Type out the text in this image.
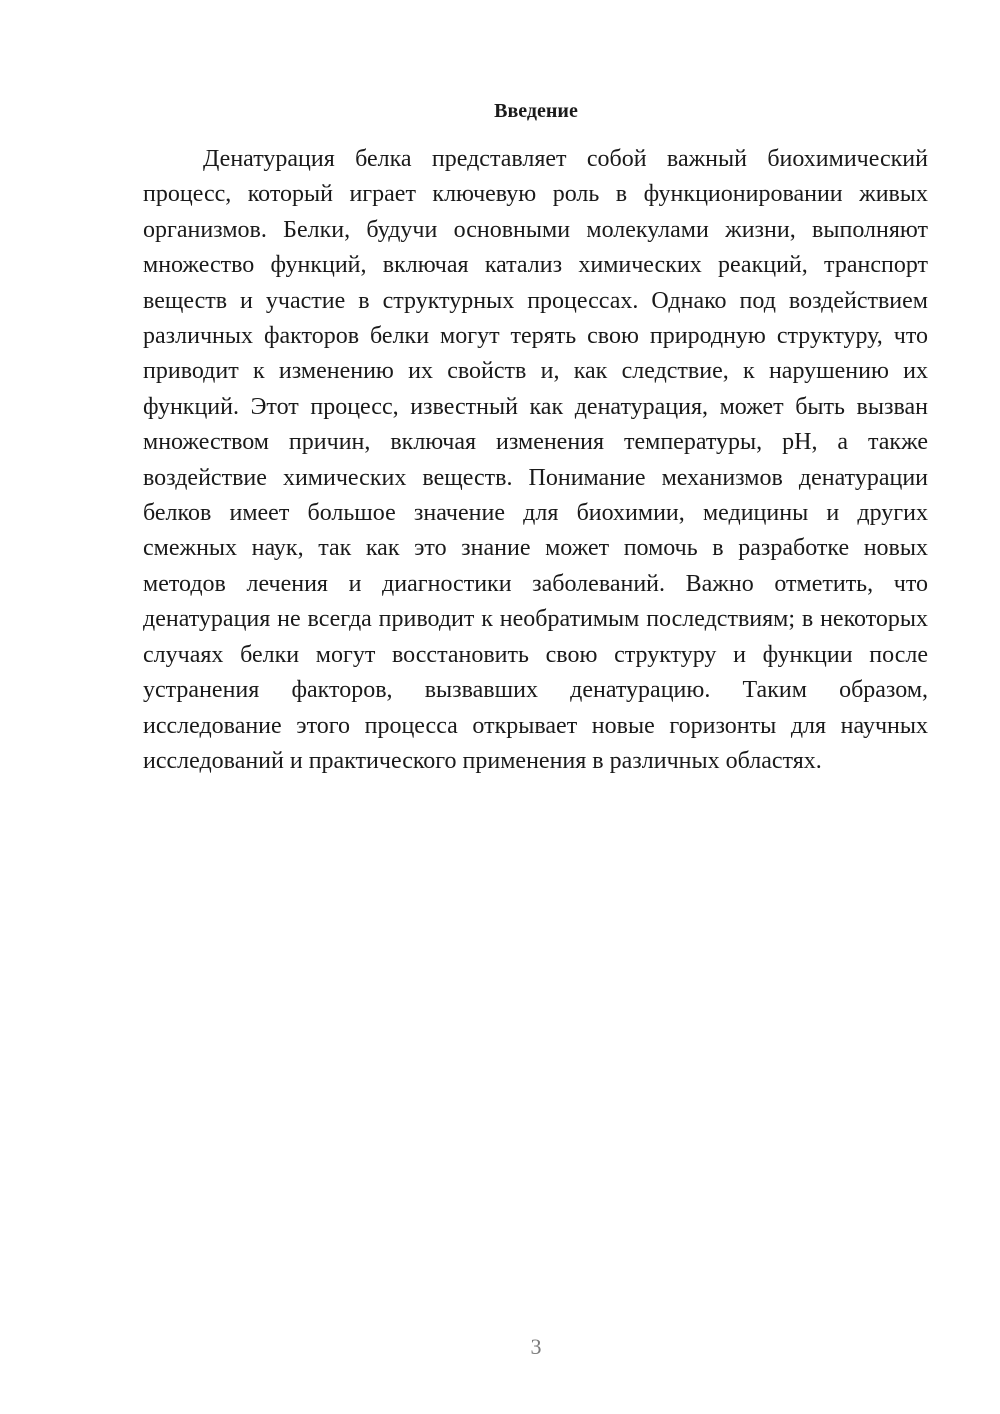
Введение

Денатурация белка представляет собой важный биохимический процесс, который играет ключевую роль в функционировании живых организмов. Белки, будучи основными молекулами жизни, выполняют множество функций, включая катализ химических реакций, транспорт веществ и участие в структурных процессах. Однако под воздействием различных факторов белки могут терять свою природную структуру, что приводит к изменению их свойств и, как следствие, к нарушению их функций. Этот процесс, известный как денатурация, может быть вызван множеством причин, включая изменения температуры, pH, а также воздействие химических веществ. Понимание механизмов денатурации белков имеет большое значение для биохимии, медицины и других смежных наук, так как это знание может помочь в разработке новых методов лечения и диагностики заболеваний. Важно отметить, что денатурация не всегда приводит к необратимым последствиям; в некоторых случаях белки могут восстановить свою структуру и функции после устранения факторов, вызвавших денатурацию. Таким образом, исследование этого процесса открывает новые горизонты для научных исследований и практического применения в различных областях.

3
